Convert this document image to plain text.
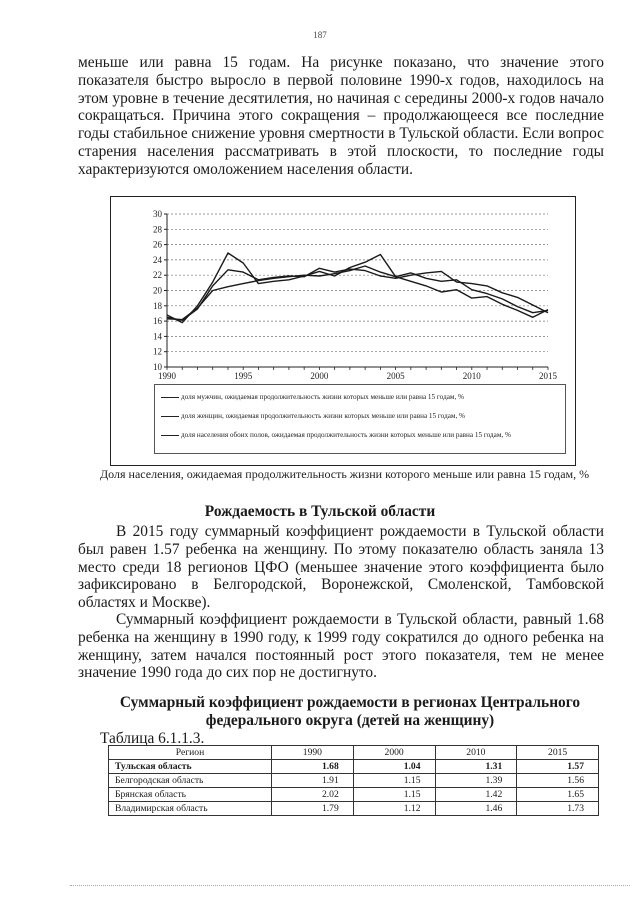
187

меньше или равна 15 годам. На рисунке показано, что значение этого показателя быстро выросло в первой половине 1990-х годов, находилось на этом уровне в течение десятилетия, но начиная с середины 2000-х годов начало сокращаться. Причина этого сокращения – продолжающееся все последние годы стабильное снижение уровня смертности в Тульской области. Если вопрос старения населения рассматривать в этой плоскости, то последние годы характеризуются омоложением населения области.

10
12
14
16
18
20
22
24
26
28
30
1990	1995	2000	2005	2010	2015
доля мужчин, ожидаемая продолжительность жизни которых меньше или равна 15 годам, %
доля женщин, ожидаемая продолжительность жизни которых меньше или равна 15 годам, %
доля населения обоих полов, ожидаемая продолжительность жизни которых меньше или равна 15 годам, %
Доля населения, ожидаемая продолжительность жизни которого меньше или равна 15 годам, %
Рождаемость в Тульской области

В 2015 году суммарный коэффициент рождаемости в Тульской области был равен 1.57 ребенка на женщину. По этому показателю область заняла 13 место среди 18 регионов ЦФО (меньшее значение этого коэффициента было зафиксировано в Белгородской, Воронежской, Смоленской, Тамбовской областях и Москве).

Суммарный коэффициент рождаемости в Тульской области, равный 1.68 ребенка на женщину в 1990 году, к 1999 году сократился до одного ребенка на женщину, затем начался постоянный рост этого показателя, тем не менее значение 1990 года до сих пор не достигнуто.

Суммарный коэффициент рождаемости в регионах Центрального
федерального округа (детей на женщину)
Таблица 6.1.1.3.
Регион	1990	2000	2010	2015
Тульская область	1.68	1.04	1.31	1.57
Белгородская область	1.91	1.15	1.39	1.56
Брянская область	2.02	1.15	1.42	1.65
Владимирская область	1.79	1.12	1.46	1.73
